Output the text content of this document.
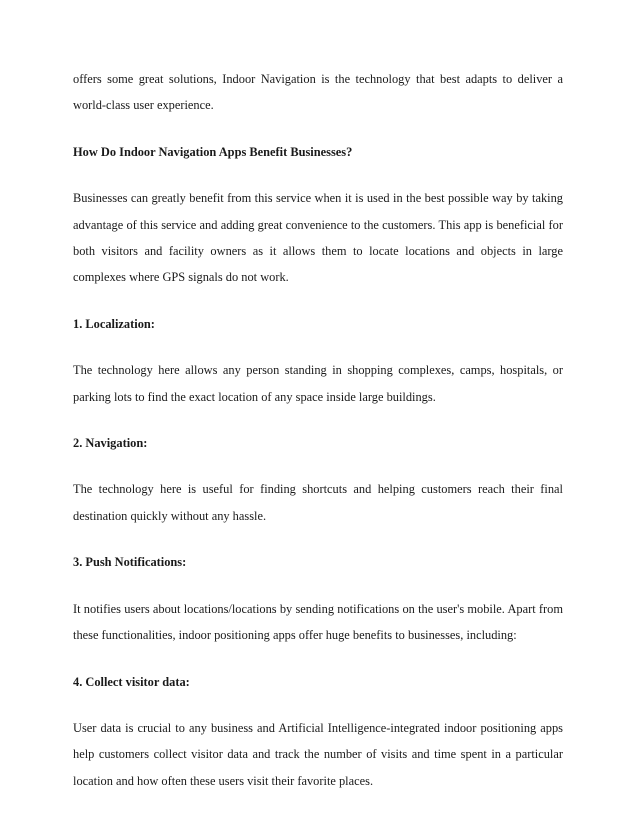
offers some great solutions, Indoor Navigation is the technology that best adapts to deliver a world-class user experience.

How Do Indoor Navigation Apps Benefit Businesses?

Businesses can greatly benefit from this service when it is used in the best possible way by taking advantage of this service and adding great convenience to the customers. This app is beneficial for both visitors and facility owners as it allows them to locate locations and objects in large complexes where GPS signals do not work.

1. Localization:

The technology here allows any person standing in shopping complexes, camps, hospitals, or parking lots to find the exact location of any space inside large buildings.

2. Navigation:

The technology here is useful for finding shortcuts and helping customers reach their final destination quickly without any hassle.

3. Push Notifications:

It notifies users about locations/locations by sending notifications on the user's mobile. Apart from these functionalities, indoor positioning apps offer huge benefits to businesses, including:

4. Collect visitor data:

User data is crucial to any business and Artificial Intelligence-integrated indoor positioning apps help customers collect visitor data and track the number of visits and time spent in a particular location and how often these users visit their favorite places.
